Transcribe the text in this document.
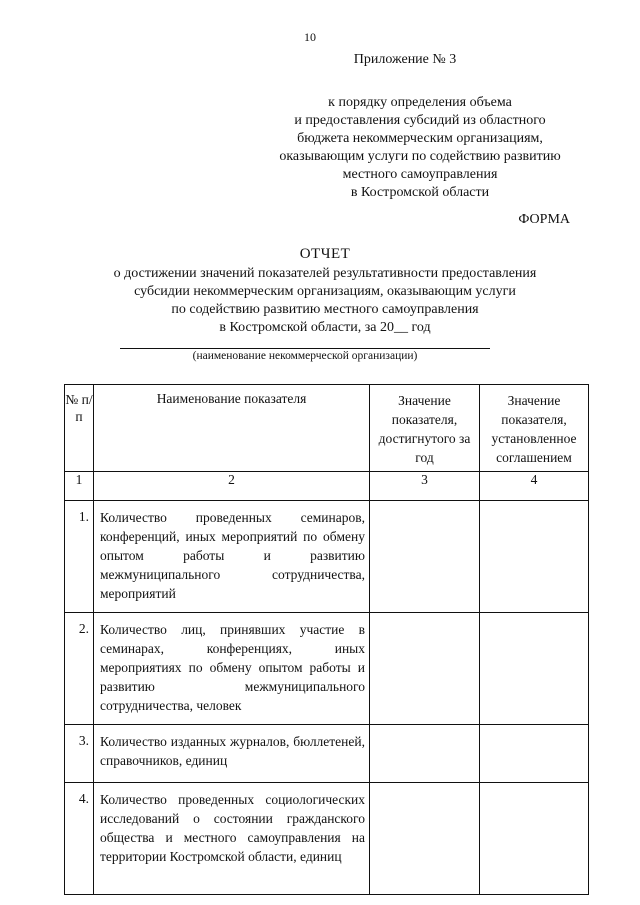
10
Приложение № 3
к порядку определения объема
и предоставления субсидий из областного
бюджета некоммерческим организациям,
оказывающим услуги по содействию развитию
местного самоуправления
в Костромской области
ФОРМА
ОТЧЕТ
о достижении значений показателей результативности предоставления
субсидии некоммерческим организациям, оказывающим услуги
по содействию развитию местного самоуправления
в Костромской области, за 20__ год
(наименование некоммерческой организации)
№ п/п	Наименование показателя	Значение показателя, достигнутого за год	Значение показателя, установленное соглашением
1	2	3	4
1.	Количество проведенных семинаров, конференций, иных мероприятий по обмену опытом работы и развитию межмуниципального сотрудничества, мероприятий		
2.	Количество лиц, принявших участие в семинарах, конференциях, иных мероприятиях по обмену опытом работы и развитию межмуниципального сотрудничества, человек		
3.	Количество изданных журналов, бюллетеней, справочников, единиц		
4.	Количество проведенных социологических исследований о состоянии гражданского общества и местного самоуправления на территории Костромской области, единиц		
